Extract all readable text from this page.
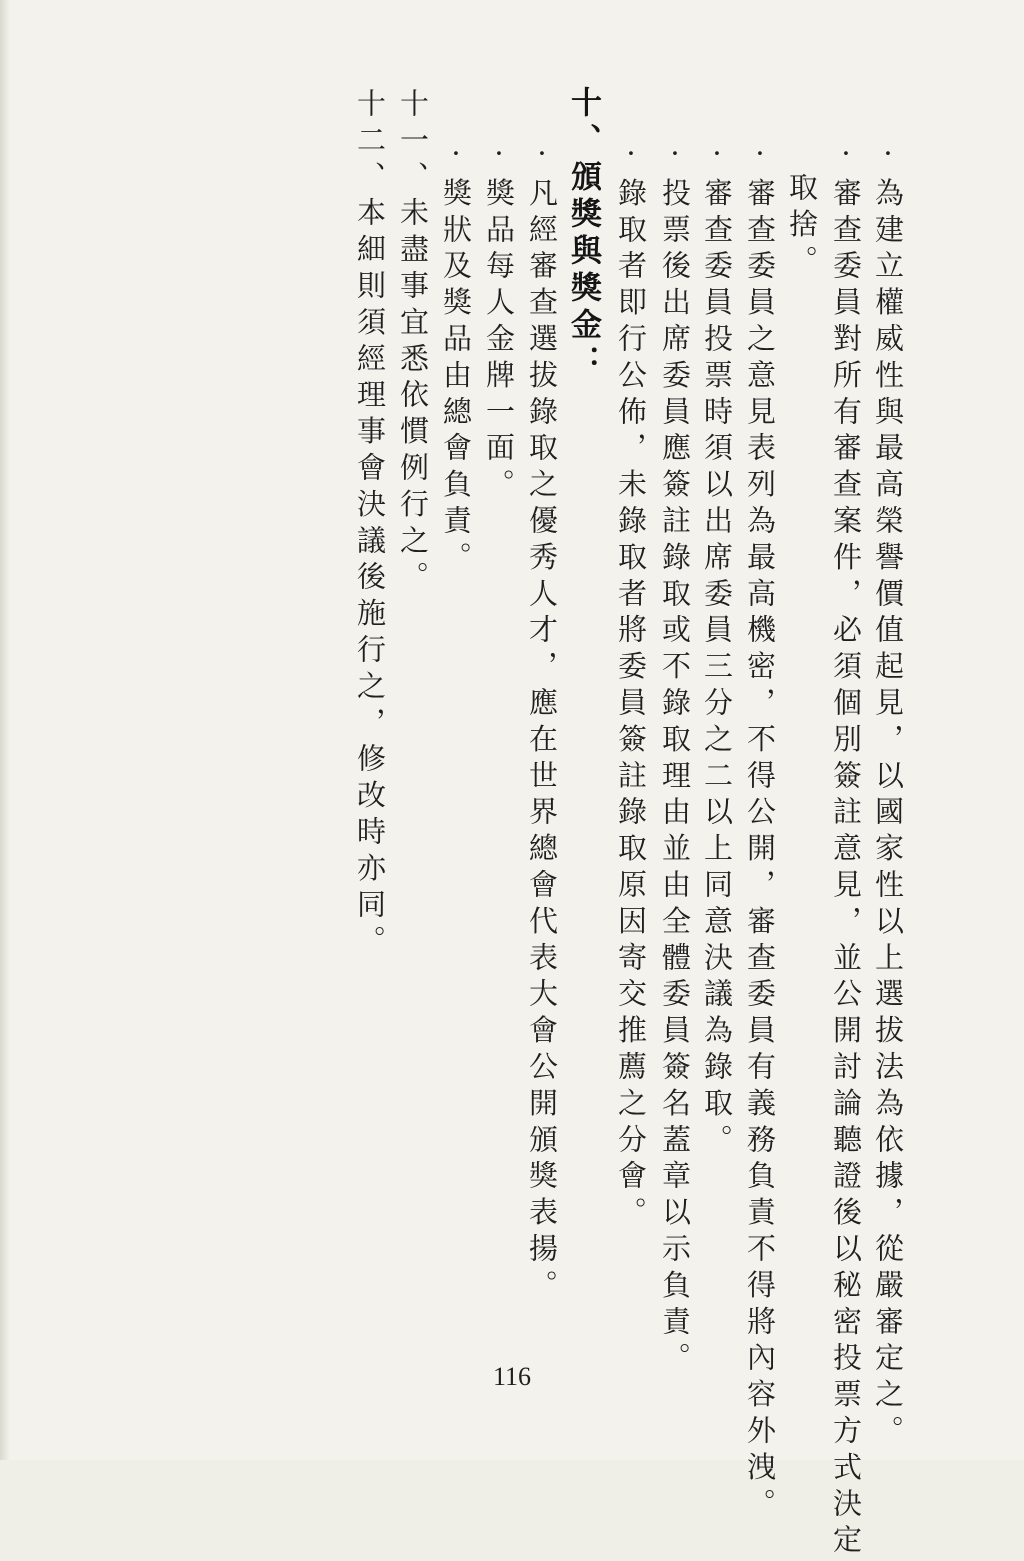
·為建立權威性與最高榮譽價值起見，以國家性以上選拔法為依據，從嚴審定之。
·審查委員對所有審查案件，必須個別簽註意見，並公開討論聽證後以秘密投票方式決定
取捨。
·審查委員之意見表列為最高機密，不得公開，審查委員有義務負責不得將內容外洩。
·審查委員投票時須以出席委員三分之二以上同意決議為錄取。
·投票後出席委員應簽註錄取或不錄取理由並由全體委員簽名蓋章以示負責。
·錄取者即行公佈，未錄取者將委員簽註錄取原因寄交推薦之分會。
十、頒獎與獎金：
·凡經審查選拔錄取之優秀人才，應在世界總會代表大會公開頒獎表揚。
·獎品每人金牌一面。
·獎狀及獎品由總會負責。
十一、未盡事宜悉依慣例行之。
十二、本細則須經理事會決議後施行之，修改時亦同。
116
